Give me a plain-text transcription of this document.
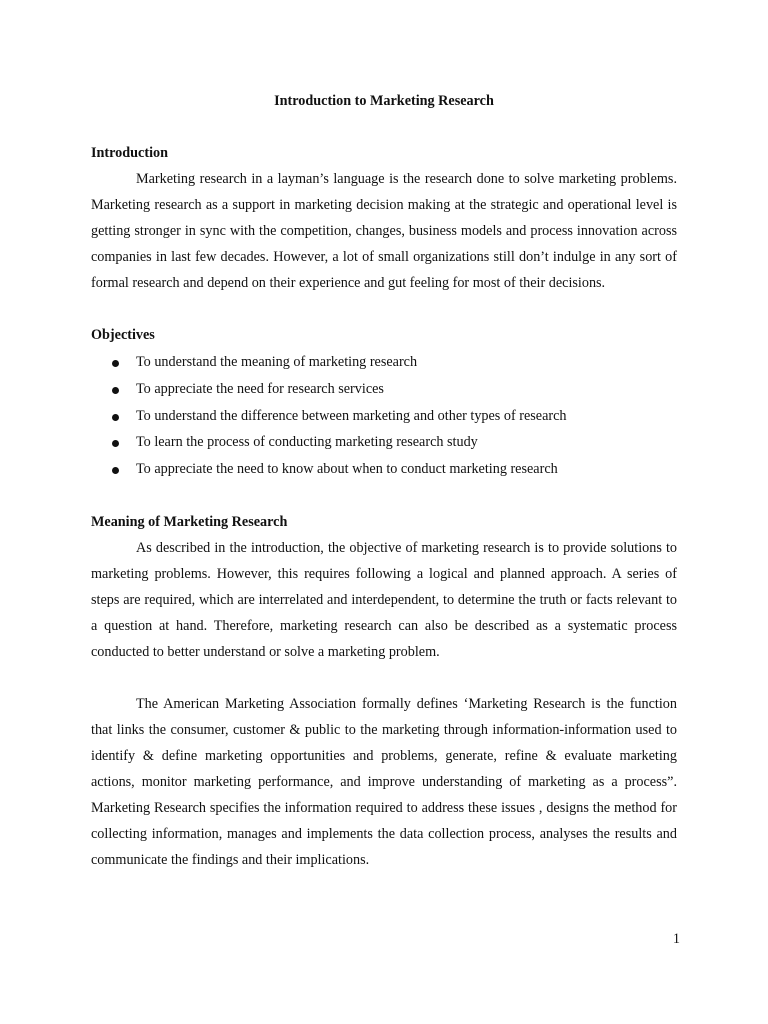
Introduction to Marketing Research

Introduction

Marketing research in a layman’s language is the research done to solve marketing problems. Marketing research as a support in marketing decision making at the strategic and operational level is getting stronger in sync with the competition, changes, business models and process innovation across companies in last few decades. However, a lot of small organizations still don’t indulge in any sort of formal research and depend on their experience and gut feeling for most of their decisions.

Objectives

To understand the meaning of marketing research
To appreciate the need for research services
To understand the difference between marketing and other types of research
To learn the process of conducting marketing research study
To appreciate the need to know about when to conduct marketing research

Meaning of Marketing Research

As described in the introduction, the objective of marketing research is to provide solutions to marketing problems. However, this requires following a logical and planned approach. A series of steps are required, which are interrelated and interdependent, to determine the truth or facts relevant to a question at hand. Therefore, marketing research can also be described as a systematic process conducted to better understand or solve a marketing problem.

The American Marketing Association formally defines ‘Marketing Research is the function that links the consumer, customer & public to the marketing through information-information used to identify & define marketing opportunities and problems, generate, refine & evaluate marketing actions, monitor marketing performance, and improve understanding of marketing as a process”. Marketing Research specifies the information required to address these issues , designs the method for collecting information, manages and implements the data collection process, analyses the results and communicate the findings and their implications.

1
